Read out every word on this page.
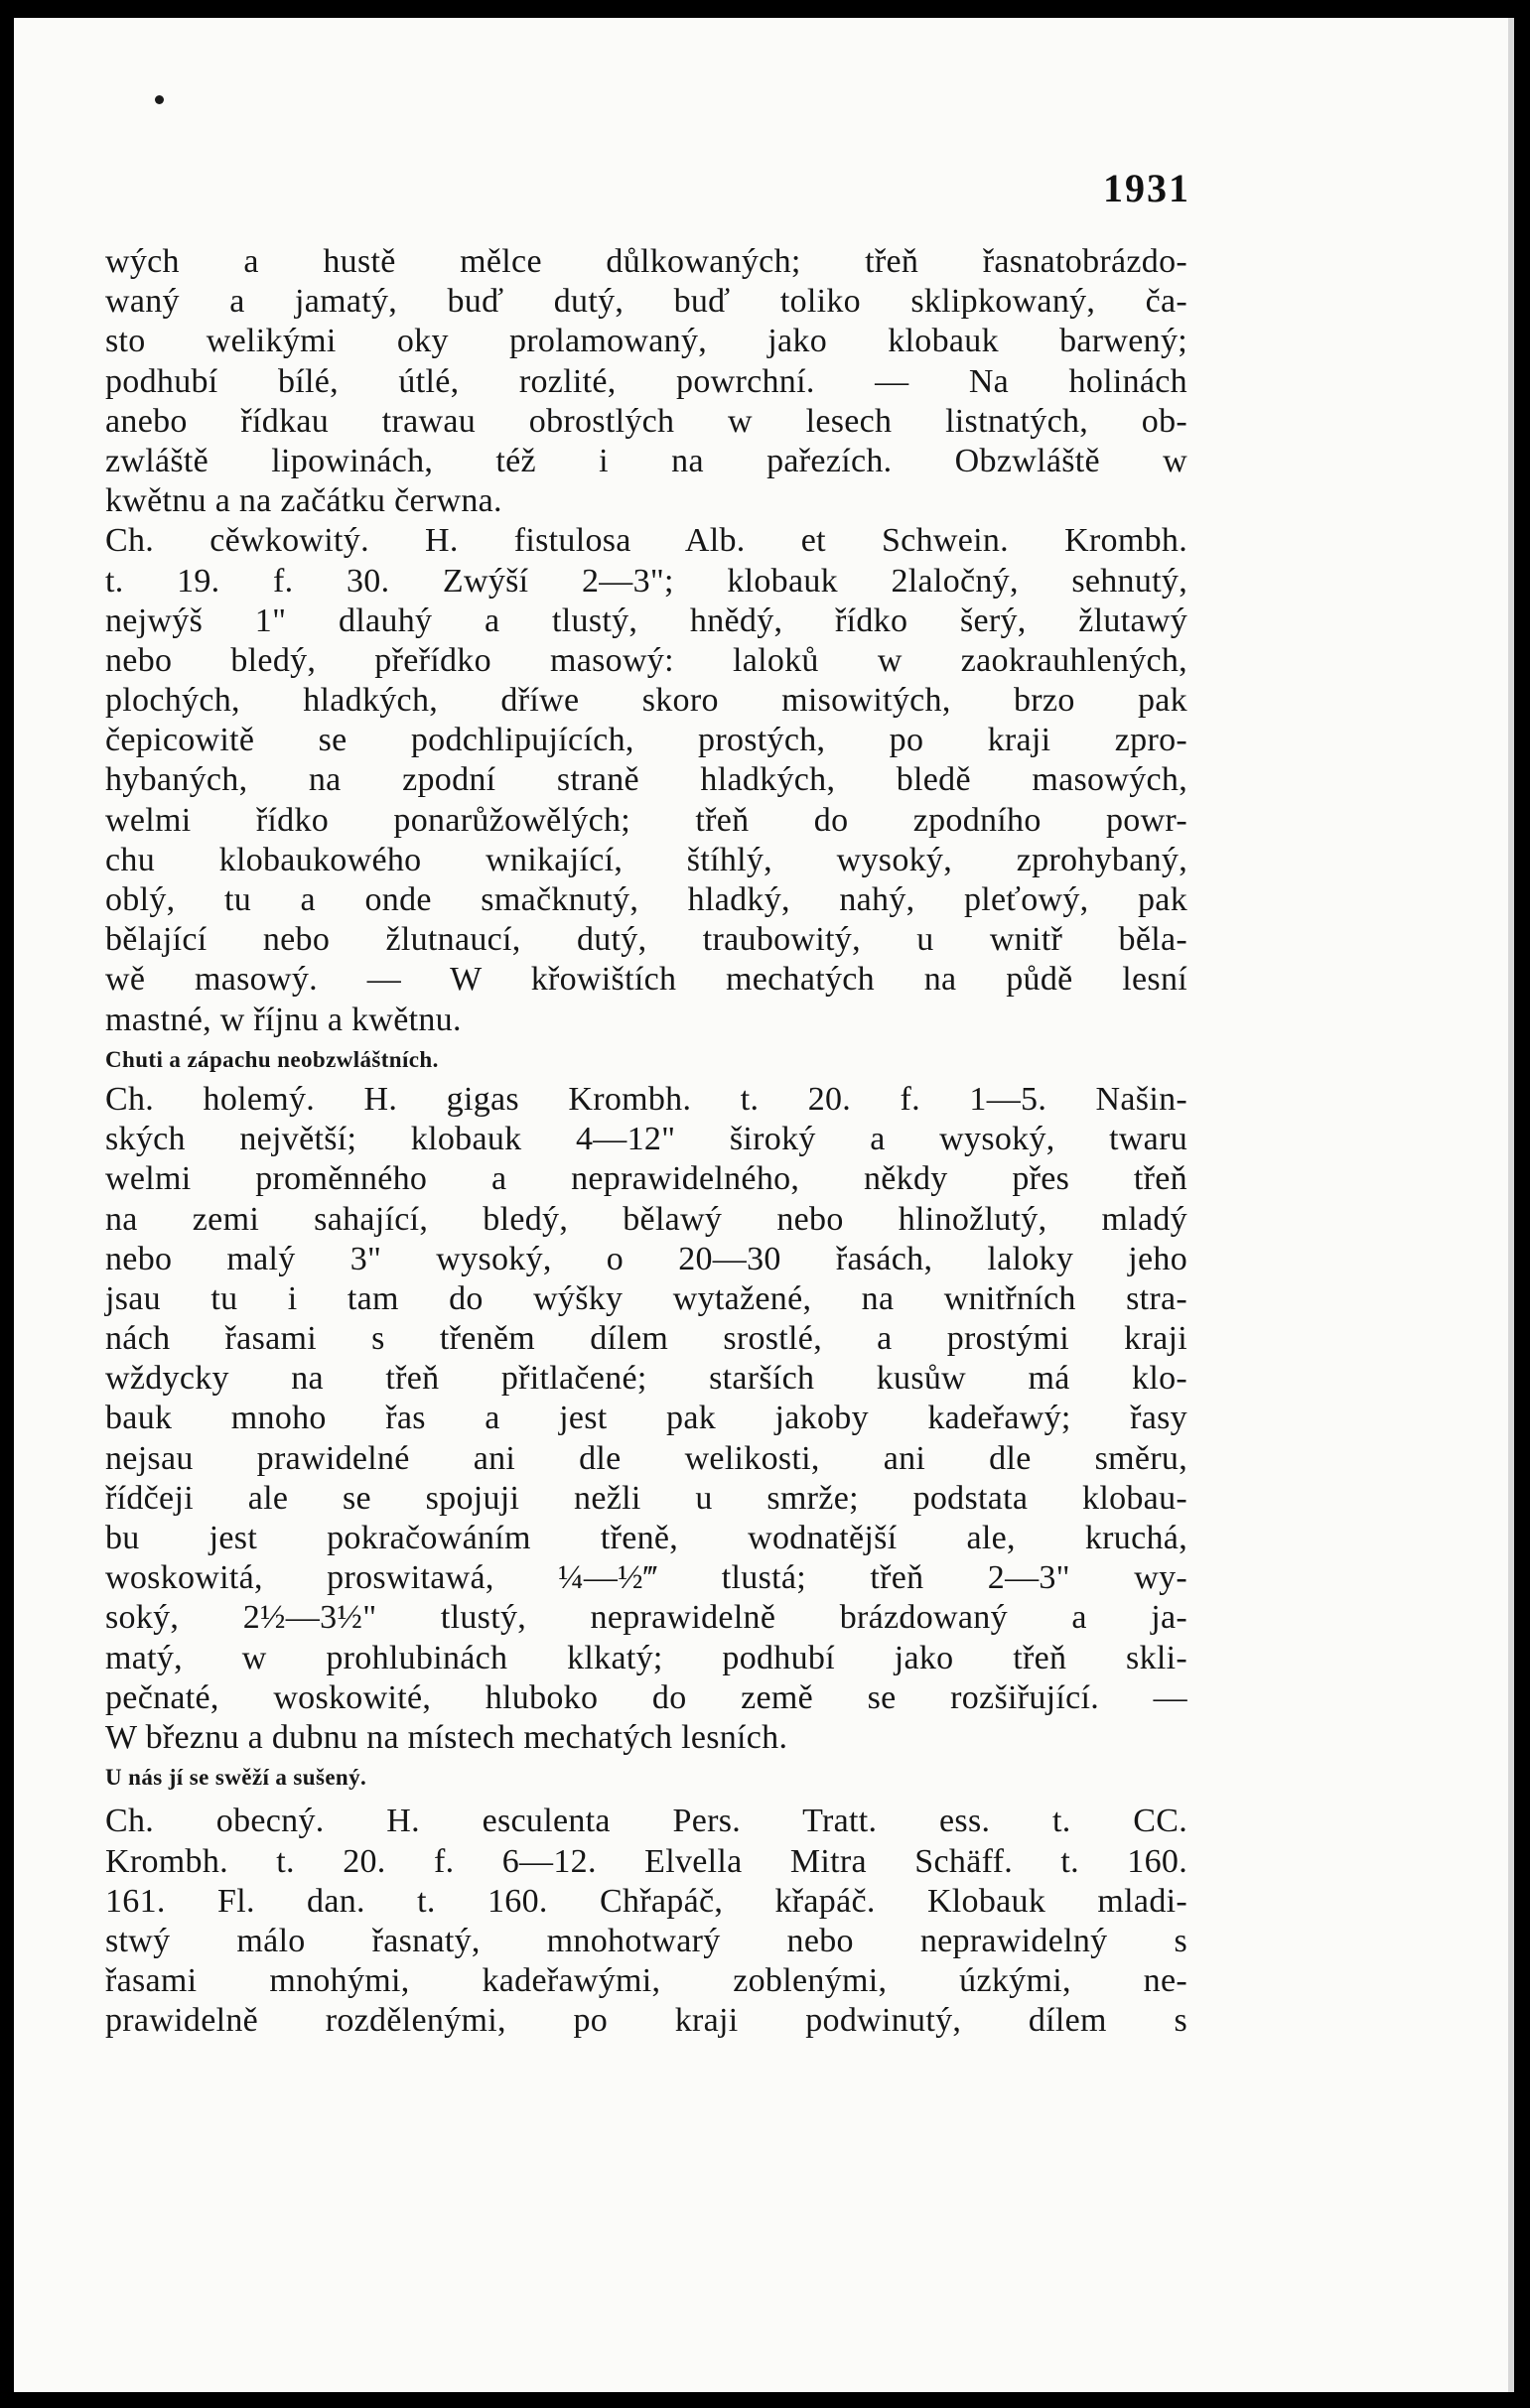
1931
wých a hustě mělce důlkowaných; třeň řasnatobrázdo-
waný a jamatý, buď dutý, buď toliko sklipkowaný, ča-
sto welikými oky prolamowaný, jako klobauk barwený;
podhubí bílé, útlé, rozlité, powrchní. — Na holinách
anebo řídkau trawau obrostlých w lesech listnatých, ob-
zwláště lipowinách, též i na pařezích. Obzwláště w
kwětnu a na začátku čerwna.
Ch. cěwkowitý. H. fistulosa Alb. et Schwein. Krombh.
t. 19. f. 30. Zwýší 2—3"; klobauk 2laločný, sehnutý,
nejwýš 1" dlauhý a tlustý, hnědý, řídko šerý, žlutawý
nebo bledý, přeřídko masowý: laloků w zaokrauhlených,
plochých, hladkých, dříwe skoro misowitých, brzo pak
čepicowitě se podchlipujících, prostých, po kraji zpro-
hybaných, na zpodní straně hladkých, bledě masowých,
welmi řídko ponarůžowělých; třeň do zpodního powr-
chu klobaukowého wnikající, štíhlý, wysoký, zprohybaný,
oblý, tu a onde smačknutý, hladký, nahý, pleťowý, pak
bělající nebo žlutnaucí, dutý, traubowitý, u wnitř běla-
wě masowý. — W křowištích mechatých na půdě lesní
mastné, w říjnu a kwětnu.
Chuti a zápachu neobzwláštních.
Ch. holemý. H. gigas Krombh. t. 20. f. 1—5. Našin-
ských největší; klobauk 4—12" široký a wysoký, twaru
welmi proměnného a neprawidelného, někdy přes třeň
na zemi sahající, bledý, bělawý nebo hlinožlutý, mladý
nebo malý 3" wysoký, o 20—30 řasách, laloky jeho
jsau tu i tam do wýšky wytažené, na wnitřních stra-
nách řasami s třeněm dílem srostlé, a prostými kraji
wždycky na třeň přitlačené; starších kusůw má klo-
bauk mnoho řas a jest pak jakoby kadeřawý; řasy
nejsau prawidelné ani dle welikosti, ani dle směru,
řídčeji ale se spojuji nežli u smrže; podstata klobau-
bu jest pokračowáním třeně, wodnatější ale, kruchá,
woskowitá, proswitawá, ¼—½‴ tlustá; třeň 2—3" wy-
soký, 2½—3½" tlustý, neprawidelně brázdowaný a ja-
matý, w prohlubinách klkatý; podhubí jako třeň skli-
pečnaté, woskowité, hluboko do země se rozšiřující. —
W březnu a dubnu na místech mechatých lesních.
U nás jí se swěží a sušený.
Ch. obecný. H. esculenta Pers. Tratt. ess. t. CC.
Krombh. t. 20. f. 6—12. Elvella Mitra Schäff. t. 160.
161. Fl. dan. t. 160. Chřapáč, křapáč. Klobauk mladi-
stwý málo řasnatý, mnohotwarý nebo neprawidelný s
řasami mnohými, kadeřawými, zoblenými, úzkými, ne-
prawidelně rozdělenými, po kraji podwinutý, dílem s
